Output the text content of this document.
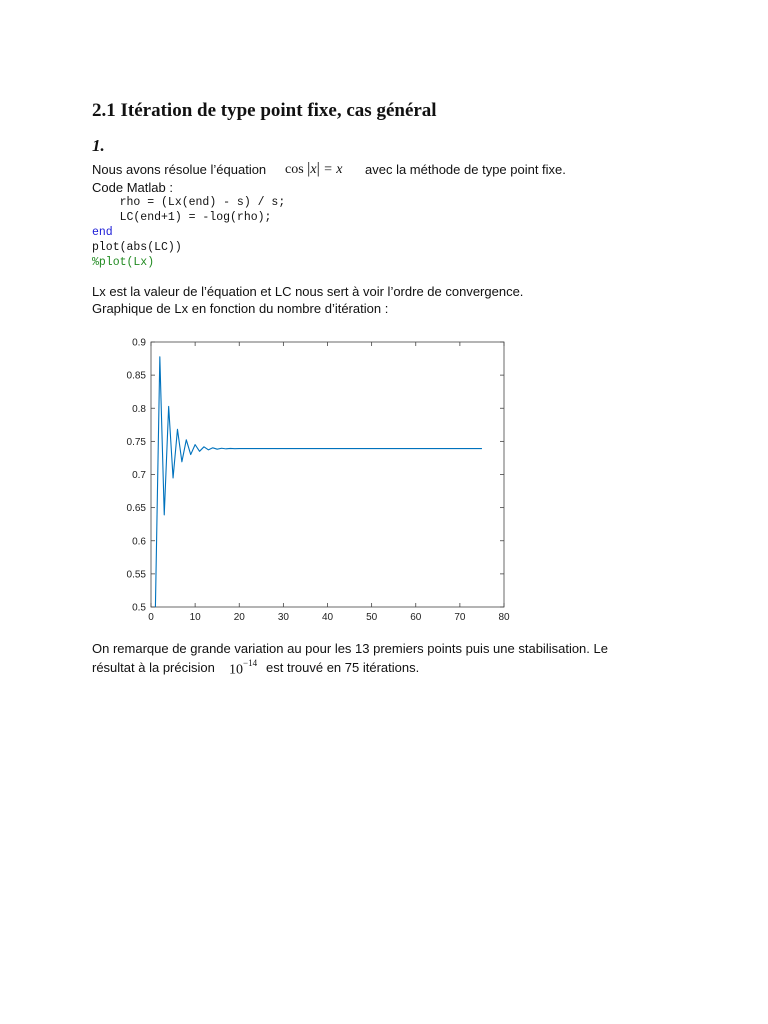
2.1 Itération de type point fixe, cas général
1.
Nous avons résolue l’équation cos |x| = x avec la méthode de type point fixe.
Code Matlab :
rho = (Lx(end) - s) / s;
LC(end+1) = -log(rho);
end
plot(abs(LC))
%plot(Lx)
Lx est la valeur de l’équation et LC nous sert à voir l’ordre de convergence.
Graphique de Lx en fonction du nombre d’itération :
0	10	20	30	40	50	60	70	80
0.5
0.55
0.6
0.65
0.7
0.75
0.8
0.85
0.9
On remarque de grande variation au pour les 13 premiers points puis une stabilisation. Le
résultat à la précision $10^{-14}$ est trouvé en 75 itérations.
